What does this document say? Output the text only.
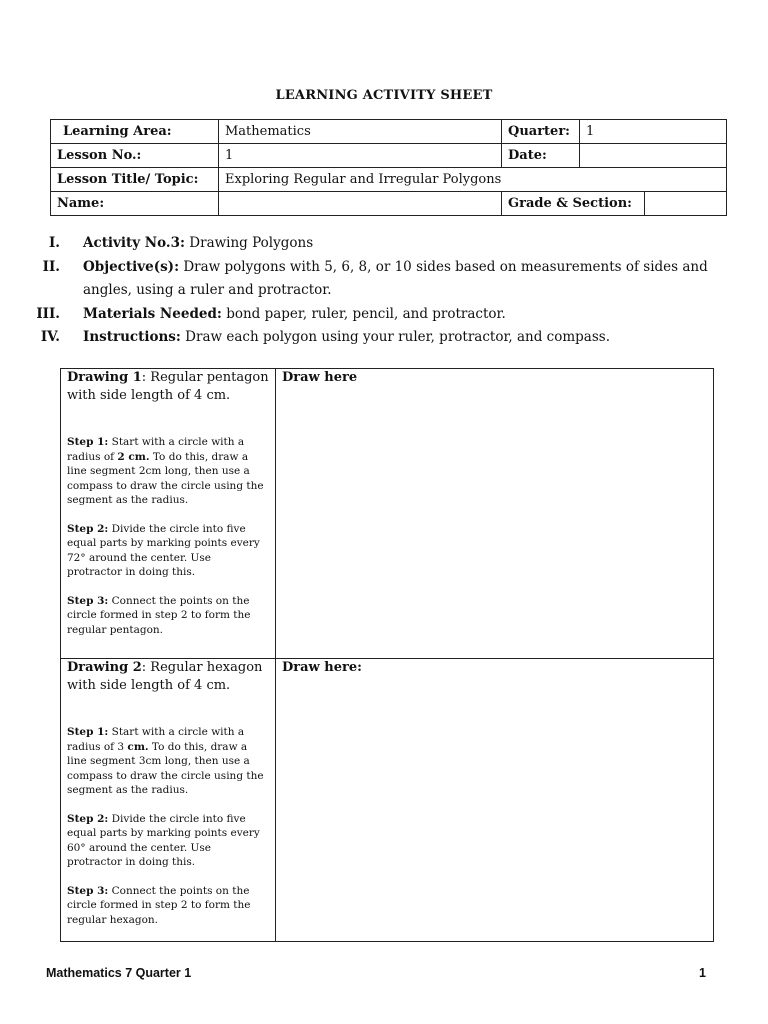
LEARNING ACTIVITY SHEET
Learning Area:	Mathematics	Quarter:	1	
Lesson No.:	1	Date:		
Lesson Title/ Topic:	Exploring Regular and Irregular Polygons			
Name:		Grade & Section:		
I. Activity No.3: Drawing Polygons
II. Objective(s): Draw polygons with 5, 6, 8, or 10 sides based on measurements of sides and angles, using a ruler and protractor.
III. Materials Needed: bond paper, ruler, pencil, and protractor.
IV. Instructions: Draw each polygon using your ruler, protractor, and compass.
Drawing 1: Regular pentagon with side length of 4 cm.
Step 1: Start with a circle with a radius of 2 cm. To do this, draw a line segment 2cm long, then use a compass to draw the circle using the segment as the radius.
Step 2: Divide the circle into five equal parts by marking points every 72° around the center. Use protractor in doing this.
Step 3: Connect the points on the circle formed in step 2 to form the regular pentagon.
Draw here
Drawing 2: Regular hexagon with side length of 4 cm.
Step 1: Start with a circle with a radius of 3 cm. To do this, draw a line segment 3cm long, then use a compass to draw the circle using the segment as the radius.
Step 2: Divide the circle into five equal parts by marking points every 60° around the center. Use protractor in doing this.
Step 3: Connect the points on the circle formed in step 2 to form the regular hexagon.
Draw here:
Mathematics 7 Quarter 1	1
